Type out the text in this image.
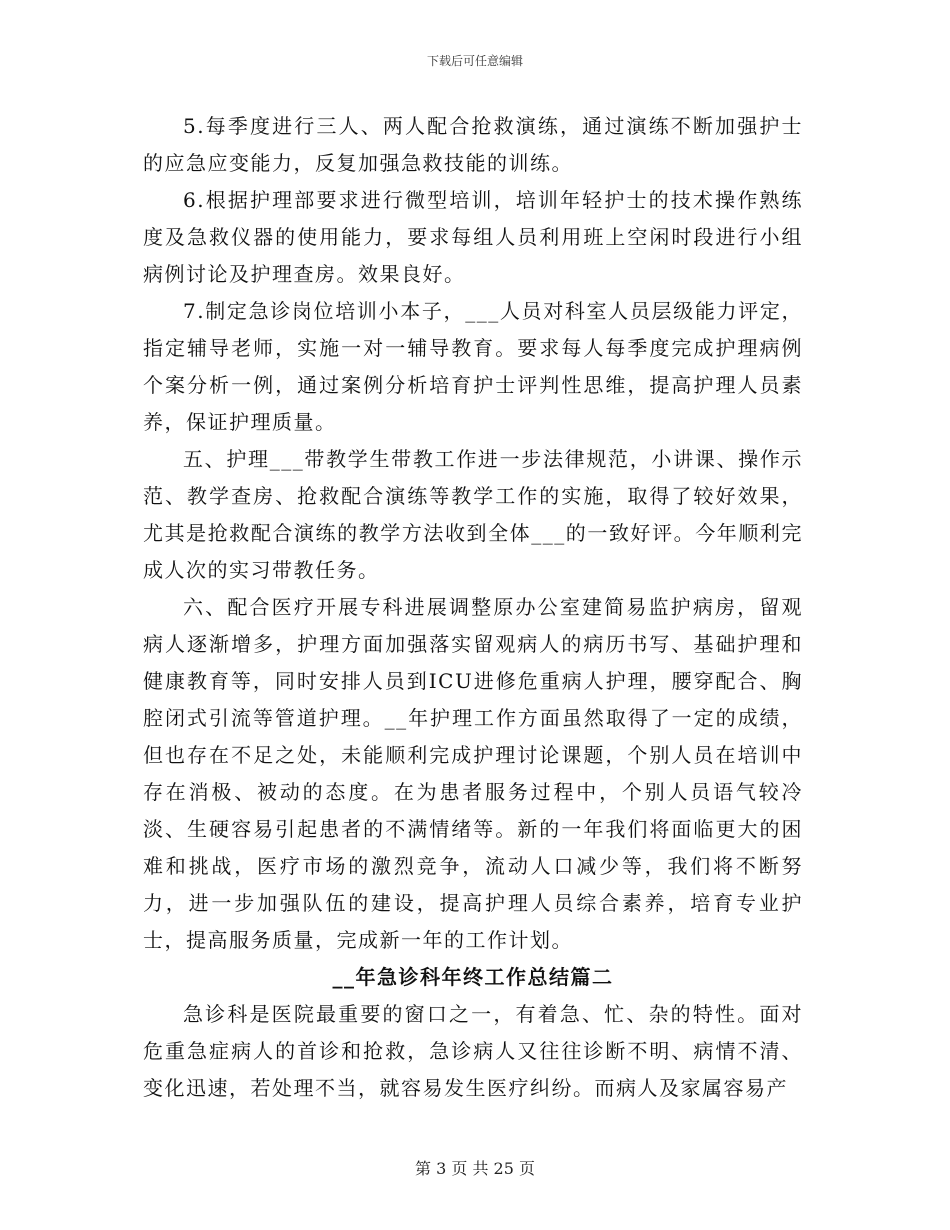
下载后可任意编辑

5.每季度进行三人、两人配合抢救演练，通过演练不断加强护士的应急应变能力，反复加强急救技能的训练。

6.根据护理部要求进行微型培训，培训年轻护士的技术操作熟练度及急救仪器的使用能力，要求每组人员利用班上空闲时段进行小组病例讨论及护理查房。效果良好。

7.制定急诊岗位培训小本子，___人员对科室人员层级能力评定，指定辅导老师，实施一对一辅导教育。要求每人每季度完成护理病例个案分析一例，通过案例分析培育护士评判性思维，提高护理人员素养，保证护理质量。

五、护理___带教学生带教工作进一步法律规范，小讲课、操作示范、教学查房、抢救配合演练等教学工作的实施，取得了较好效果，尤其是抢救配合演练的教学方法收到全体___的一致好评。今年顺利完成人次的实习带教任务。

六、配合医疗开展专科进展调整原办公室建简易监护病房，留观病人逐渐增多，护理方面加强落实留观病人的病历书写、基础护理和健康教育等，同时安排人员到ICU进修危重病人护理，腰穿配合、胸腔闭式引流等管道护理。__年护理工作方面虽然取得了一定的成绩，但也存在不足之处，未能顺利完成护理讨论课题，个别人员在培训中存在消极、被动的态度。在为患者服务过程中，个别人员语气较冷淡、生硬容易引起患者的不满情绪等。新的一年我们将面临更大的困难和挑战，医疗市场的激烈竞争，流动人口减少等，我们将不断努力，进一步加强队伍的建设，提高护理人员综合素养，培育专业护士，提高服务质量，完成新一年的工作计划。

__年急诊科年终工作总结篇二

急诊科是医院最重要的窗口之一，有着急、忙、杂的特性。面对危重急症病人的首诊和抢救，急诊病人又往往诊断不明、病情不清、变化迅速，若处理不当，就容易发生医疗纠纷。而病人及家属容易产

第 3 页 共 25 页
